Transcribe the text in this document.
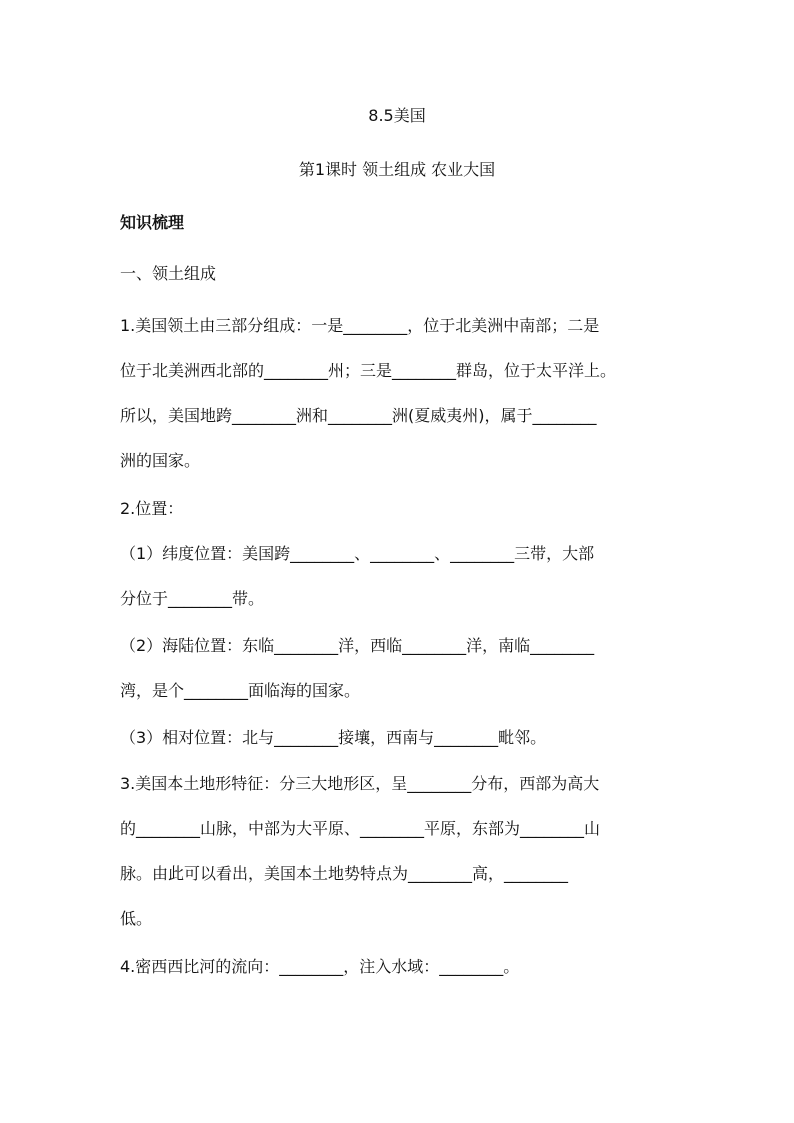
8.5美国
第1课时 领土组成 农业大国
知识梳理
一、领土组成
1.美国领土由三部分组成：一是________，位于北美洲中南部；二是
位于北美洲西北部的________州；三是________群岛，位于太平洋上。
所以，美国地跨________洲和________洲(夏威夷州)，属于________
洲的国家。
2.位置：
（1）纬度位置：美国跨________、________、________三带，大部
分位于________带。
（2）海陆位置：东临________洋，西临________洋，南临________
湾，是个________面临海的国家。
（3）相对位置：北与________接壤，西南与________毗邻。
3.美国本土地形特征：分三大地形区，呈________分布，西部为高大
的________山脉，中部为大平原、________平原，东部为________山
脉。由此可以看出，美国本土地势特点为________高，________
低。
4.密西西比河的流向：________，注入水域：________。
